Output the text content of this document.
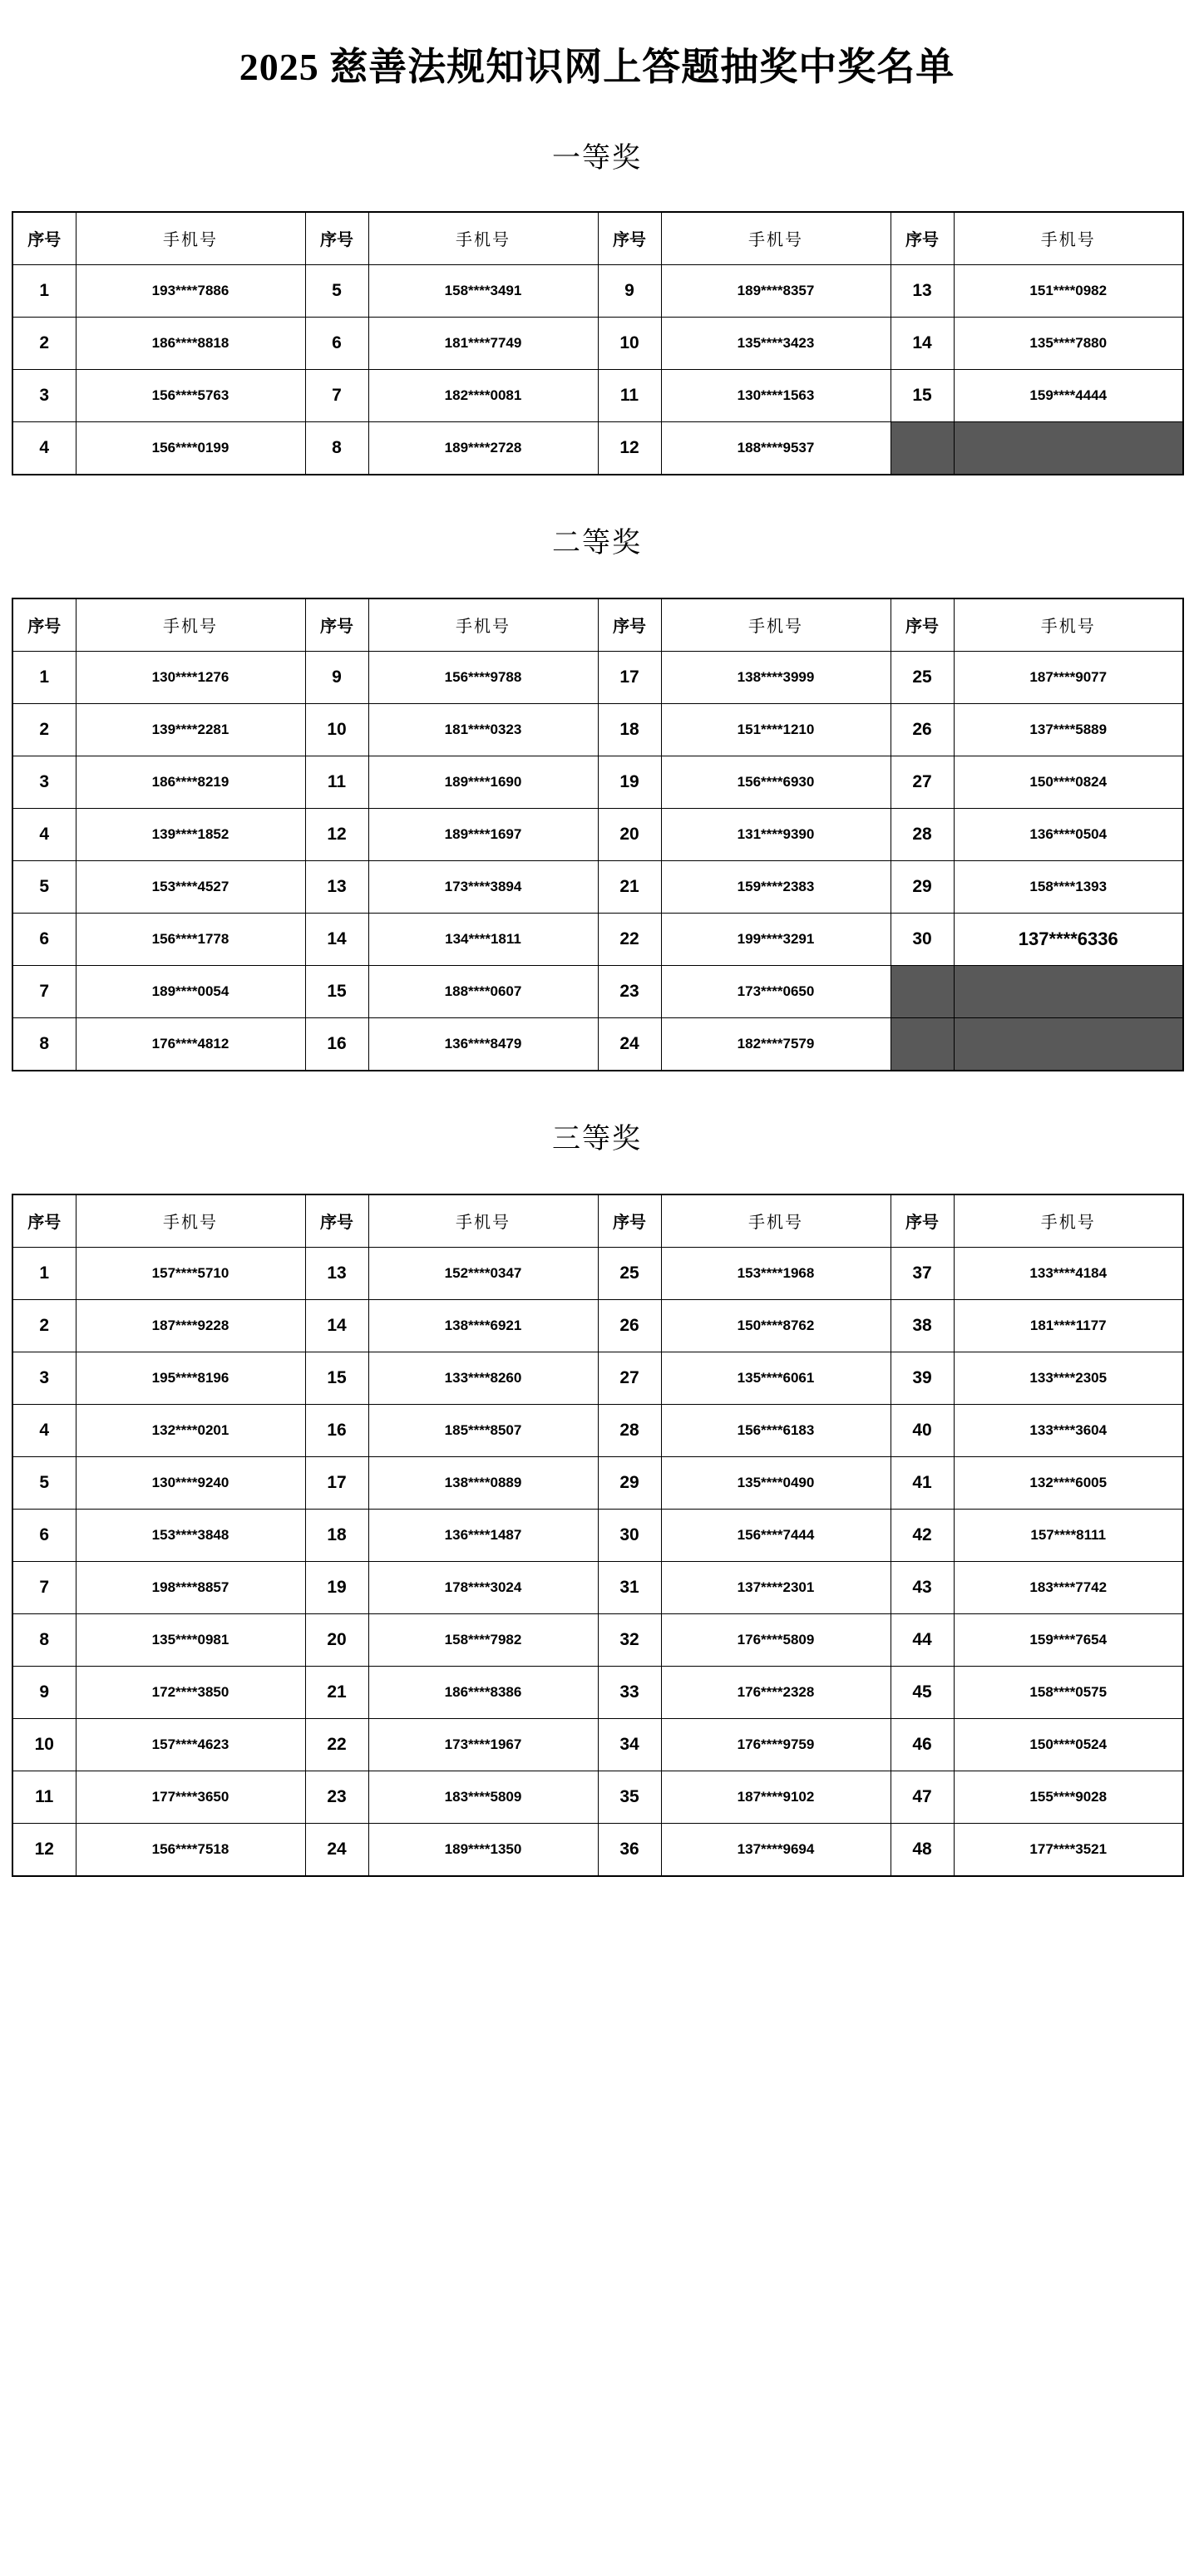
2025 慈善法规知识网上答题抽奖中奖名单
一等奖
序号	手机号	序号	手机号	序号	手机号	序号	手机号
1	193****7886	5	158****3491	9	189****8357	13	151****0982
2	186****8818	6	181****7749	10	135****3423	14	135****7880
3	156****5763	7	182****0081	11	130****1563	15	159****4444
4	156****0199	8	189****2728	12	188****9537		
二等奖
序号	手机号	序号	手机号	序号	手机号	序号	手机号
1	130****1276	9	156****9788	17	138****3999	25	187****9077
2	139****2281	10	181****0323	18	151****1210	26	137****5889
3	186****8219	11	189****1690	19	156****6930	27	150****0824
4	139****1852	12	189****1697	20	131****9390	28	136****0504
5	153****4527	13	173****3894	21	159****2383	29	158****1393
6	156****1778	14	134****1811	22	199****3291	30	137****6336
7	189****0054	15	188****0607	23	173****0650		
8	176****4812	16	136****8479	24	182****7579		
三等奖
序号	手机号	序号	手机号	序号	手机号	序号	手机号
1	157****5710	13	152****0347	25	153****1968	37	133****4184
2	187****9228	14	138****6921	26	150****8762	38	181****1177
3	195****8196	15	133****8260	27	135****6061	39	133****2305
4	132****0201	16	185****8507	28	156****6183	40	133****3604
5	130****9240	17	138****0889	29	135****0490	41	132****6005
6	153****3848	18	136****1487	30	156****7444	42	157****8111
7	198****8857	19	178****3024	31	137****2301	43	183****7742
8	135****0981	20	158****7982	32	176****5809	44	159****7654
9	172****3850	21	186****8386	33	176****2328	45	158****0575
10	157****4623	22	173****1967	34	176****9759	46	150****0524
11	177****3650	23	183****5809	35	187****9102	47	155****9028
12	156****7518	24	189****1350	36	137****9694	48	177****3521
